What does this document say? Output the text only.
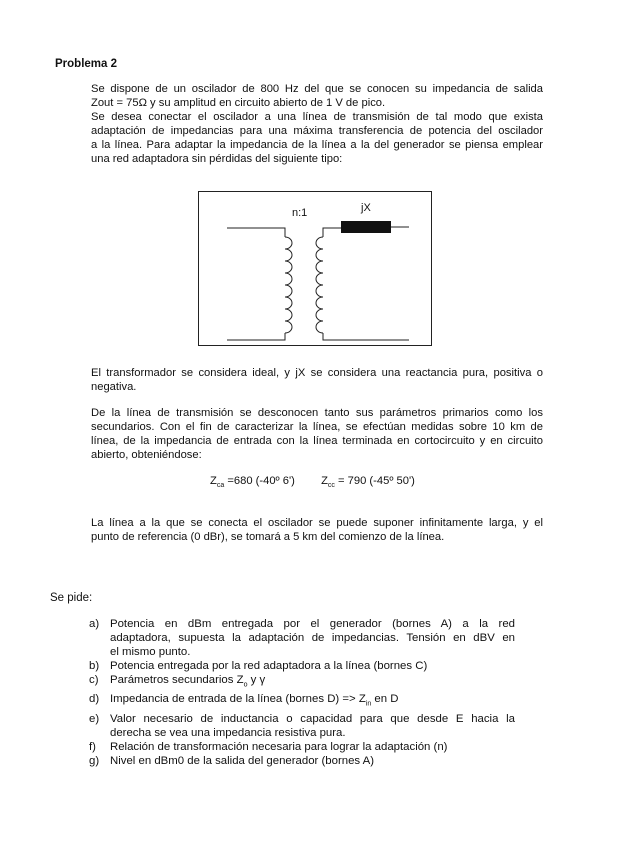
Problema 2
Se dispone de un oscilador de 800 Hz del que se conocen su impedancia de salida
Zout = 75Ω y su amplitud en circuito abierto de 1 V de pico.
Se desea conectar el oscilador a una línea de transmisión de tal modo que exista
adaptación de impedancias para una máxima transferencia de potencia del oscilador
a la línea. Para adaptar la impedancia de la línea a la del generador se piensa emplear
una red adaptadora sin pérdidas del siguiente tipo:
n:1	jX
El transformador se considera ideal, y jX se considera una reactancia pura, positiva o
negativa.
De la línea de transmisión se desconocen tanto sus parámetros primarios como los
secundarios. Con el fin de caracterizar la línea, se efectúan medidas sobre 10 km de
línea, de la impedancia de entrada con la línea terminada en cortocircuito y en circuito
abierto, obteniéndose:
$Z_{ca} =680$ (-40º 6') $Z_{cc} = 790$ (-45º 50')
La línea a la que se conecta el oscilador se puede suponer infinitamente larga, y el
punto de referencia (0 dBr), se tomará a 5 km del comienzo de la línea.
Se pide:
a) Potencia en dBm entregada por el generador (bornes A) a la red
adaptadora, supuesta la adaptación de impedancias. Tensión en dBV en
el mismo punto.
b) Potencia entregada por la red adaptadora a la línea (bornes C)
c) Parámetros secundarios $Z_o$ y γ
d) Impedancia de entrada de la línea (bornes $D) => Z_{in}$ en D
e) Valor necesario de inductancia o capacidad para que desde E hacia la
derecha se vea una impedancia resistiva pura.
f) Relación de transformación necesaria para lograr la adaptación (n)
g) Nivel en dBm0 de la salida del generador (bornes A)
